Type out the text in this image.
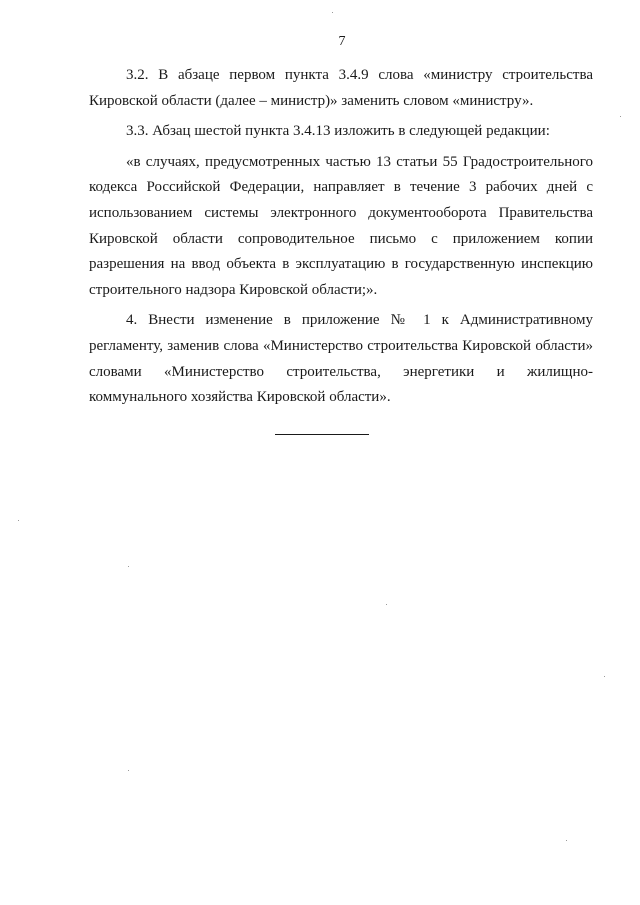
7

3.2. В абзаце первом пункта 3.4.9 слова «министру строительства Кировской области (далее – министр)» заменить словом «министру».

3.3. Абзац шестой пункта 3.4.13 изложить в следующей редакции:

«в случаях, предусмотренных частью 13 статьи 55 Градостроительного кодекса Российской Федерации, направляет в течение 3 рабочих дней с использованием системы электронного документооборота Правительства Кировской области сопроводительное письмо с приложением копии разрешения на ввод объекта в эксплуатацию в государственную инспекцию строительного надзора Кировской области;».

4. Внести изменение в приложение № 1 к Административному регламенту, заменив слова «Министерство строительства Кировской области» словами «Министерство строительства, энергетики и жилищно-коммунального хозяйства Кировской области».
